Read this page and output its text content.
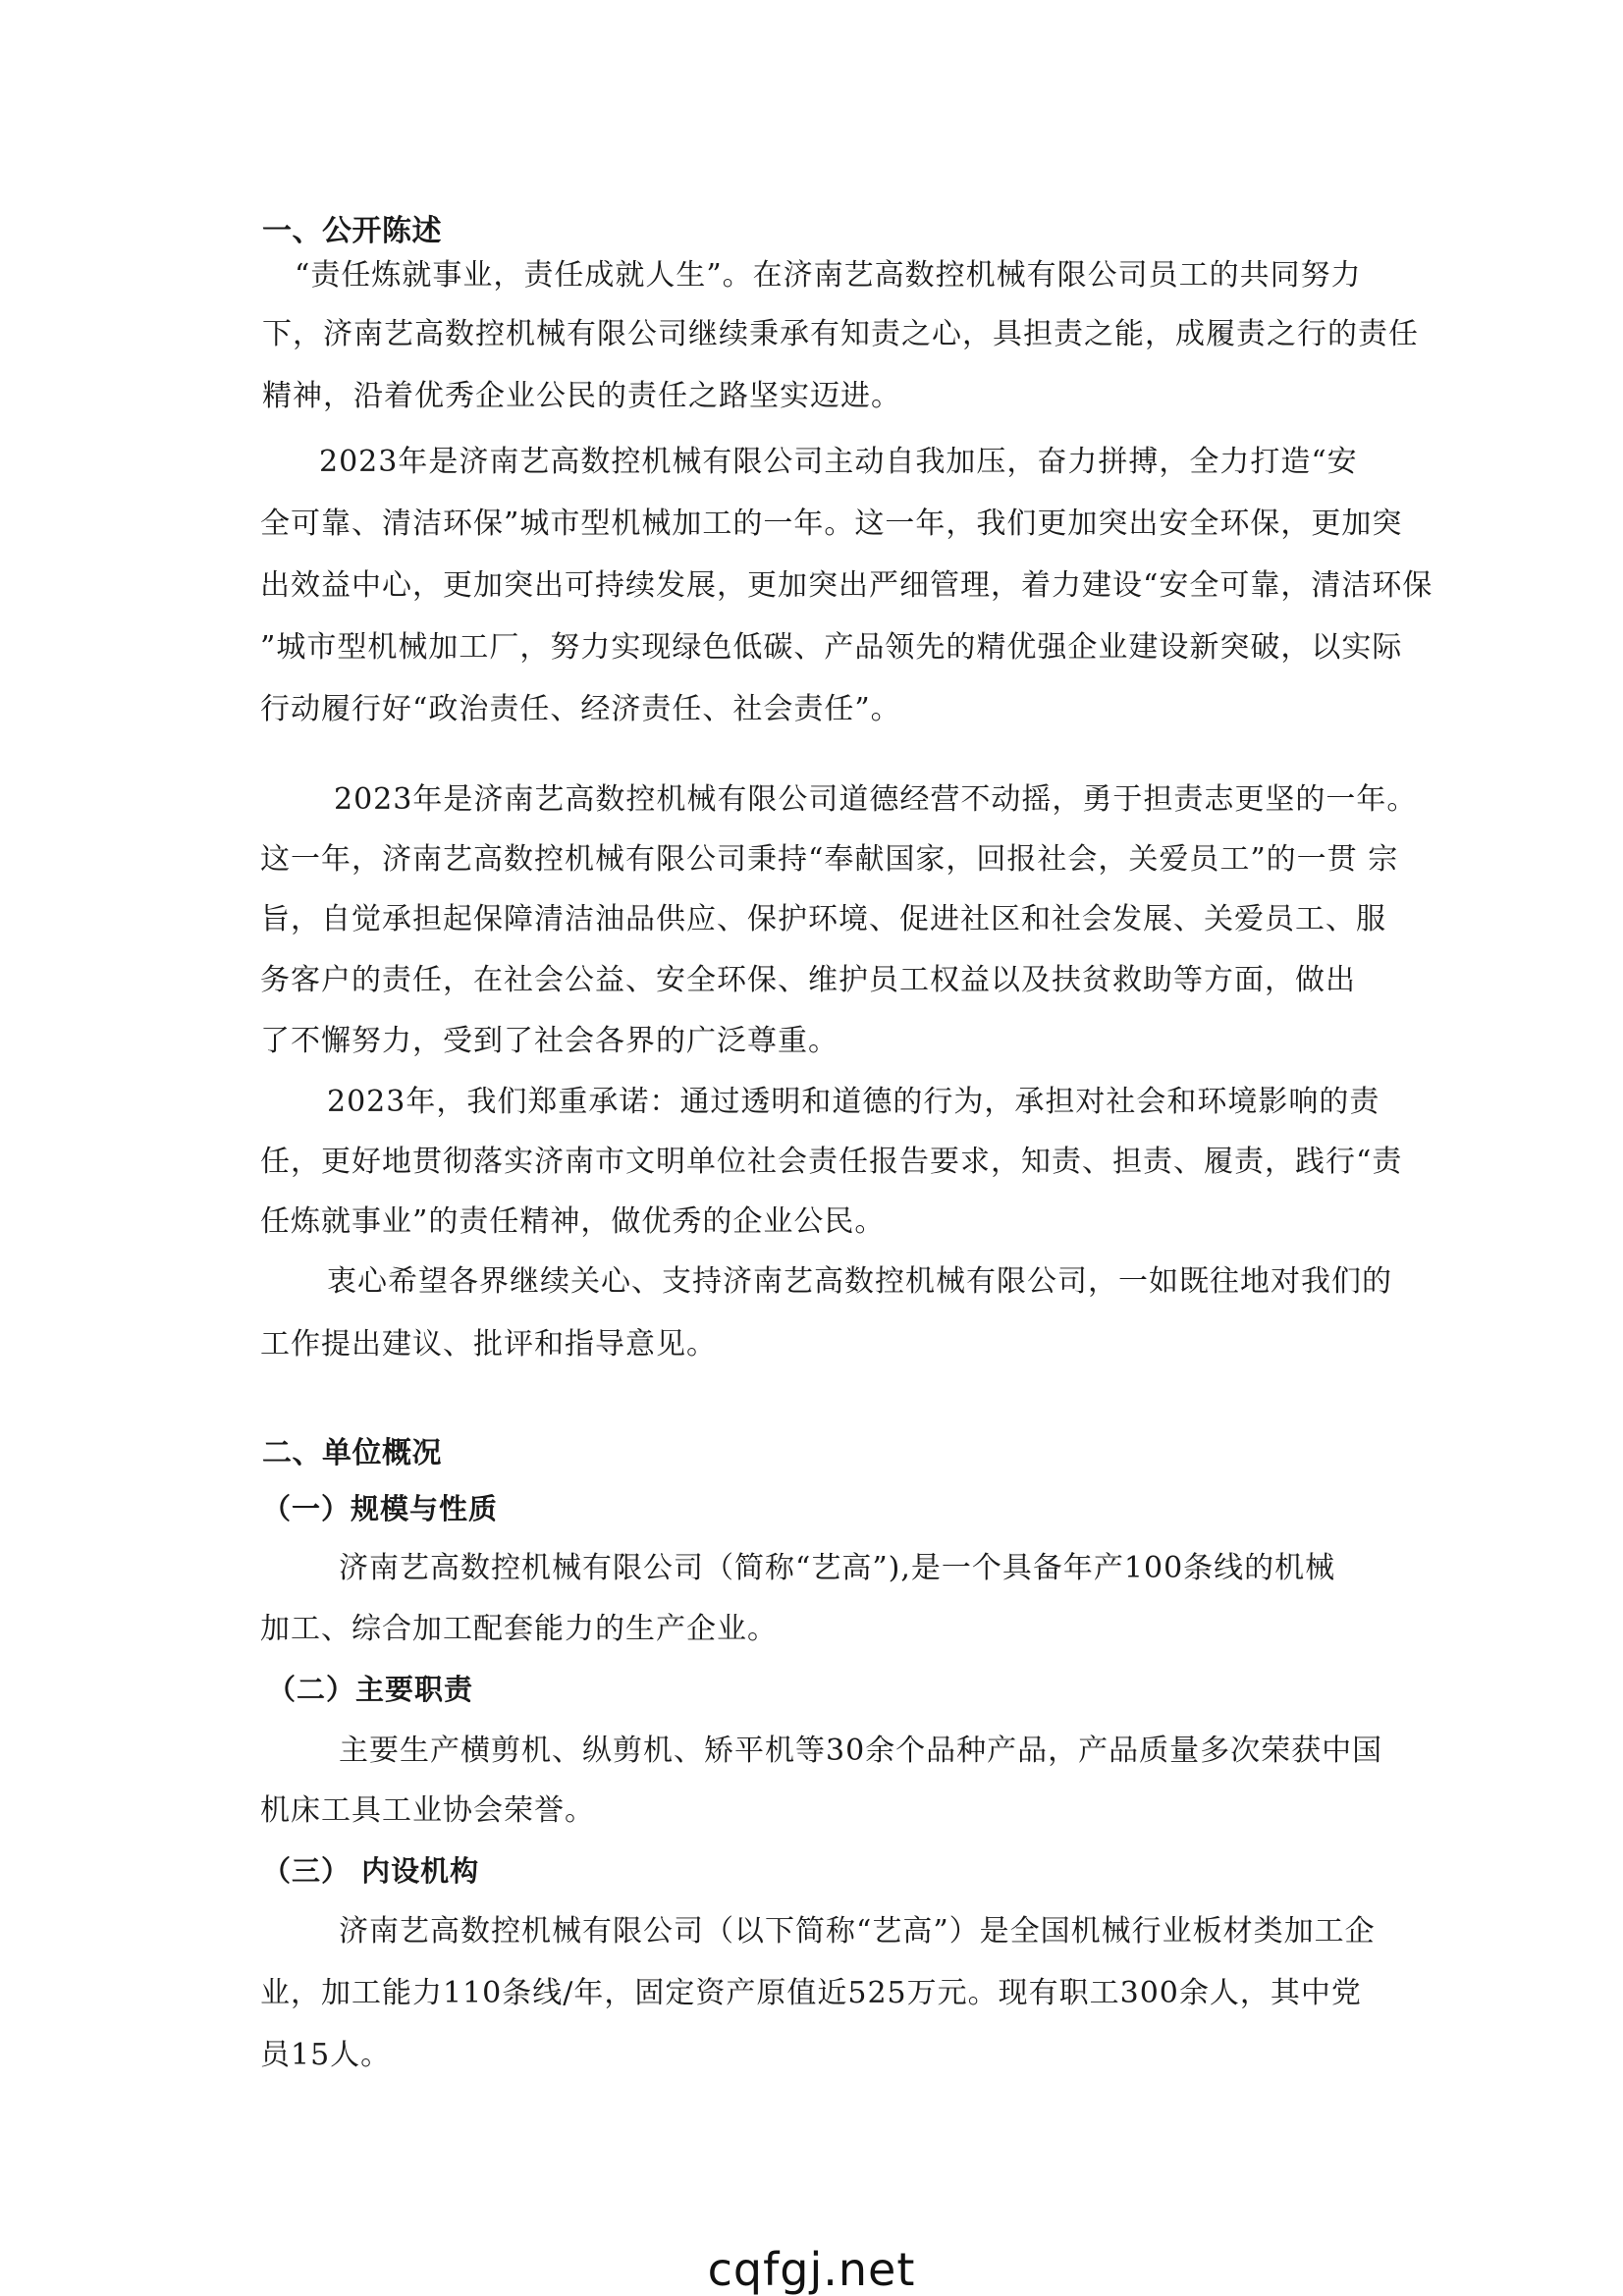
一、公开陈述
“责任炼就事业，责任成就人生”。在济南艺高数控机械有限公司员工的共同努力
下，济南艺高数控机械有限公司继续秉承有知责之心，具担责之能，成履责之行的责任
精神，沿着优秀企业公民的责任之路坚实迈进。
2023年是济南艺高数控机械有限公司主动自我加压，奋力拼搏，全力打造“安
全可靠、清洁环保”城市型机械加工的一年。这一年，我们更加突出安全环保，更加突
出效益中心，更加突出可持续发展，更加突出严细管理，着力建设“安全可靠，清洁环保
”城市型机械加工厂，努力实现绿色低碳、产品领先的精优强企业建设新突破，以实际
行动履行好“政治责任、经济责任、社会责任”。
2023年是济南艺高数控机械有限公司道德经营不动摇，勇于担责志更坚的一年。
这一年，济南艺高数控机械有限公司秉持“奉献国家，回报社会，关爱员工”的一贯 宗
旨，自觉承担起保障清洁油品供应、保护环境、促进社区和社会发展、关爱员工、服
务客户的责任，在社会公益、安全环保、维护员工权益以及扶贫救助等方面，做出
了不懈努力，受到了社会各界的广泛尊重。
2023年，我们郑重承诺：通过透明和道德的行为，承担对社会和环境影响的责
任，更好地贯彻落实济南市文明单位社会责任报告要求，知责、担责、履责，践行“责
任炼就事业”的责任精神，做优秀的企业公民。
衷心希望各界继续关心、支持济南艺高数控机械有限公司，一如既往地对我们的
工作提出建议、批评和指导意见。
二、单位概况
（一）规模与性质
济南艺高数控机械有限公司（简称“艺高”),是一个具备年产100条线的机械
加工、综合加工配套能力的生产企业。
（二）主要职责
主要生产横剪机、纵剪机、矫平机等30余个品种产品，产品质量多次荣获中国
机床工具工业协会荣誉。
（三） 内设机构
济南艺高数控机械有限公司（以下简称“艺高”）是全国机械行业板材类加工企
业，加工能力110条线/年，固定资产原值近525万元。现有职工300余人，其中党
员15人。
cqfgj.net
